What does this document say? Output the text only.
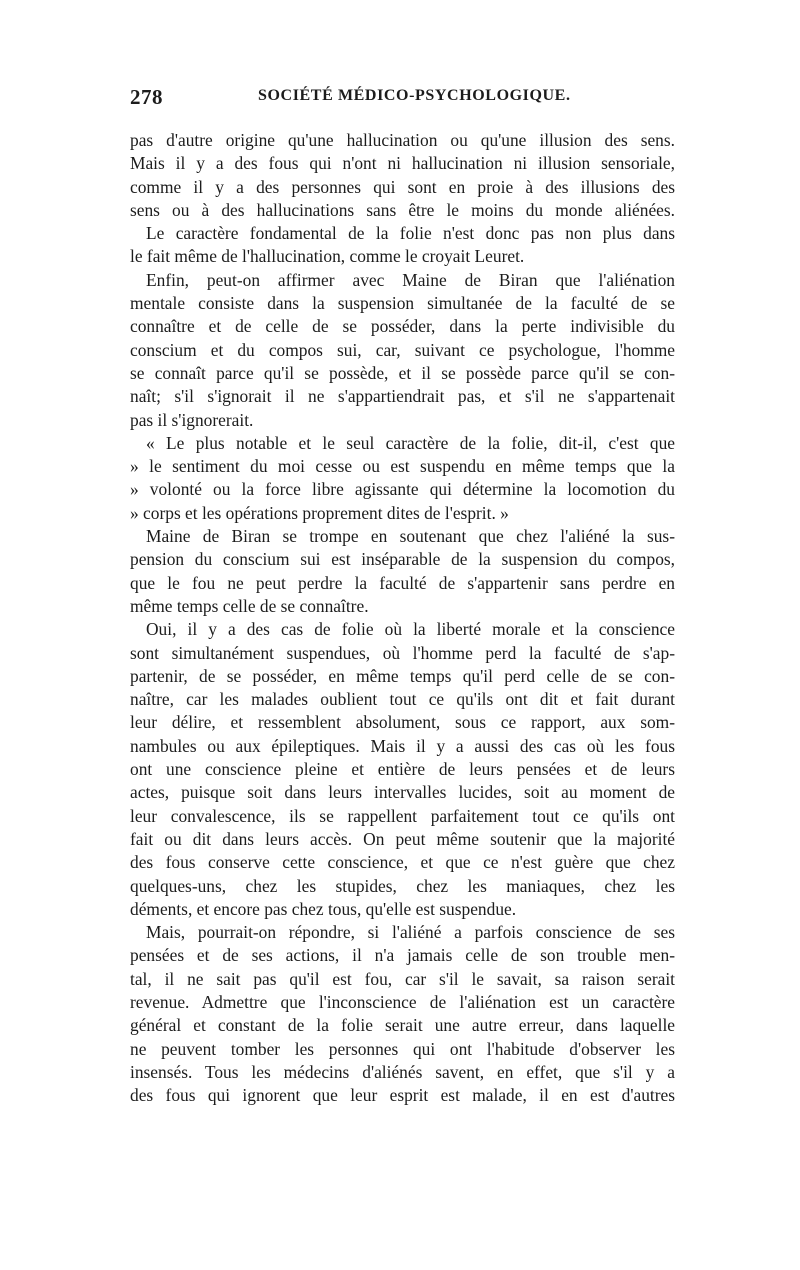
278	SOCIÉTÉ MÉDICO-PSYCHOLOGIQUE.
pas d'autre origine qu'une hallucination ou qu'une illusion des sens.
Mais il y a des fous qui n'ont ni hallucination ni illusion sensoriale,
comme il y a des personnes qui sont en proie à des illusions des
sens ou à des hallucinations sans être le moins du monde aliénées.
Le caractère fondamental de la folie n'est donc pas non plus dans
le fait même de l'hallucination, comme le croyait Leuret.
Enfin, peut-on affirmer avec Maine de Biran que l'aliénation
mentale consiste dans la suspension simultanée de la faculté de se
connaître et de celle de se posséder, dans la perte indivisible du
conscium et du compos sui, car, suivant ce psychologue, l'homme
se connaît parce qu'il se possède, et il se possède parce qu'il se con-
naît; s'il s'ignorait il ne s'appartiendrait pas, et s'il ne s'appartenait
pas il s'ignorerait.
« Le plus notable et le seul caractère de la folie, dit-il, c'est que
» le sentiment du moi cesse ou est suspendu en même temps que la
» volonté ou la force libre agissante qui détermine la locomotion du
» corps et les opérations proprement dites de l'esprit. »
Maine de Biran se trompe en soutenant que chez l'aliéné la sus-
pension du conscium sui est inséparable de la suspension du compos,
que le fou ne peut perdre la faculté de s'appartenir sans perdre en
même temps celle de se connaître.
Oui, il y a des cas de folie où la liberté morale et la conscience
sont simultanément suspendues, où l'homme perd la faculté de s'ap-
partenir, de se posséder, en même temps qu'il perd celle de se con-
naître, car les malades oublient tout ce qu'ils ont dit et fait durant
leur délire, et ressemblent absolument, sous ce rapport, aux som-
nambules ou aux épileptiques. Mais il y a aussi des cas où les fous
ont une conscience pleine et entière de leurs pensées et de leurs
actes, puisque soit dans leurs intervalles lucides, soit au moment de
leur convalescence, ils se rappellent parfaitement tout ce qu'ils ont
fait ou dit dans leurs accès. On peut même soutenir que la majorité
des fous conserve cette conscience, et que ce n'est guère que chez
quelques-uns, chez les stupides, chez les maniaques, chez les
déments, et encore pas chez tous, qu'elle est suspendue.
Mais, pourrait-on répondre, si l'aliéné a parfois conscience de ses
pensées et de ses actions, il n'a jamais celle de son trouble men-
tal, il ne sait pas qu'il est fou, car s'il le savait, sa raison serait
revenue. Admettre que l'inconscience de l'aliénation est un caractère
général et constant de la folie serait une autre erreur, dans laquelle
ne peuvent tomber les personnes qui ont l'habitude d'observer les
insensés. Tous les médecins d'aliénés savent, en effet, que s'il y a
des fous qui ignorent que leur esprit est malade, il en est d'autres
